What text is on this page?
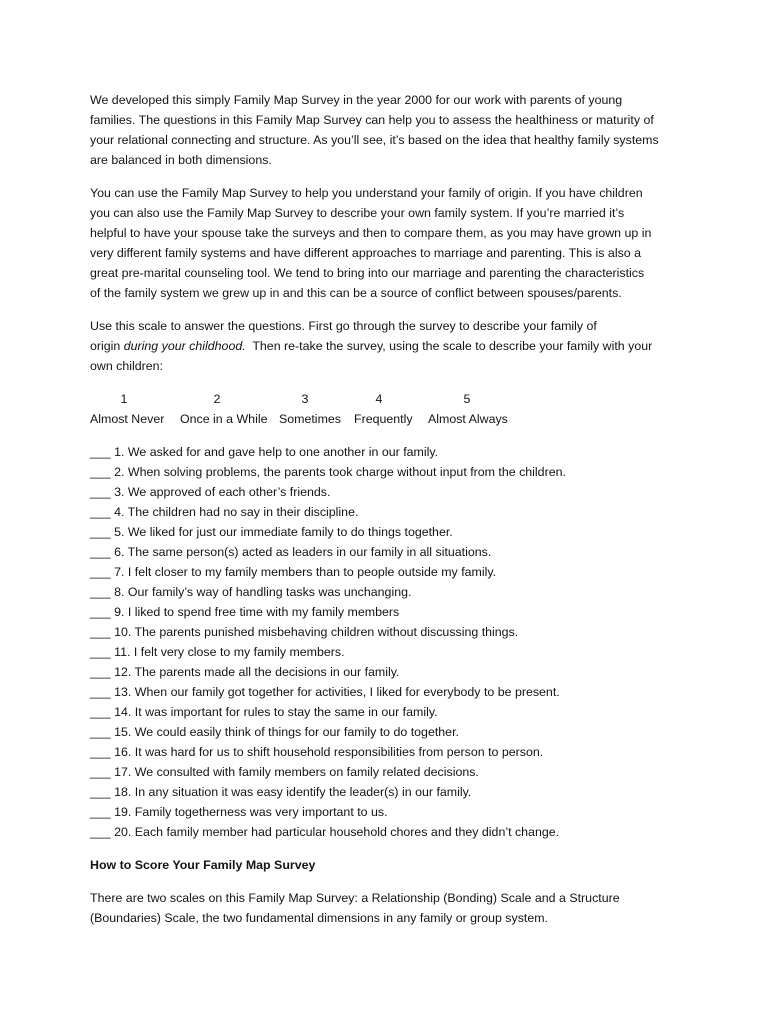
We developed this simply Family Map Survey in the year 2000 for our work with parents of young
families. The questions in this Family Map Survey can help you to assess the healthiness or maturity of
your relational connecting and structure. As you’ll see, it’s based on the idea that healthy family systems
are balanced in both dimensions.

You can use the Family Map Survey to help you understand your family of origin. If you have children
you can also use the Family Map Survey to describe your own family system. If you’re married it’s
helpful to have your spouse take the surveys and then to compare them, as you may have grown up in
very different family systems and have different approaches to marriage and parenting. This is also a
great pre-marital counseling tool. We tend to bring into our marriage and parenting the characteristics
of the family system we grew up in and this can be a source of conflict between spouses/parents.

Use this scale to answer the questions. First go through the survey to describe your family of
origin during your childhood.  Then re-take the survey, using the scale to describe your family with your
own children:

1	2	3	4	5
Almost Never Once in a While Sometimes Frequently Almost Always
___ 1. We asked for and gave help to one another in our family.
___ 2. When solving problems, the parents took charge without input from the children.
___ 3. We approved of each other’s friends.
___ 4. The children had no say in their discipline.
___ 5. We liked for just our immediate family to do things together.
___ 6. The same person(s) acted as leaders in our family in all situations.
___ 7. I felt closer to my family members than to people outside my family.
___ 8. Our family’s way of handling tasks was unchanging.
___ 9. I liked to spend free time with my family members
___ 10. The parents punished misbehaving children without discussing things.
___ 11. I felt very close to my family members.
___ 12. The parents made all the decisions in our family.
___ 13. When our family got together for activities, I liked for everybody to be present.
___ 14. It was important for rules to stay the same in our family.
___ 15. We could easily think of things for our family to do together.
___ 16. It was hard for us to shift household responsibilities from person to person.
___ 17. We consulted with family members on family related decisions.
___ 18. In any situation it was easy identify the leader(s) in our family.
___ 19. Family togetherness was very important to us.
___ 20. Each family member had particular household chores and they didn’t change.

How to Score Your Family Map Survey

There are two scales on this Family Map Survey: a Relationship (Bonding) Scale and a Structure
(Boundaries) Scale, the two fundamental dimensions in any family or group system.
